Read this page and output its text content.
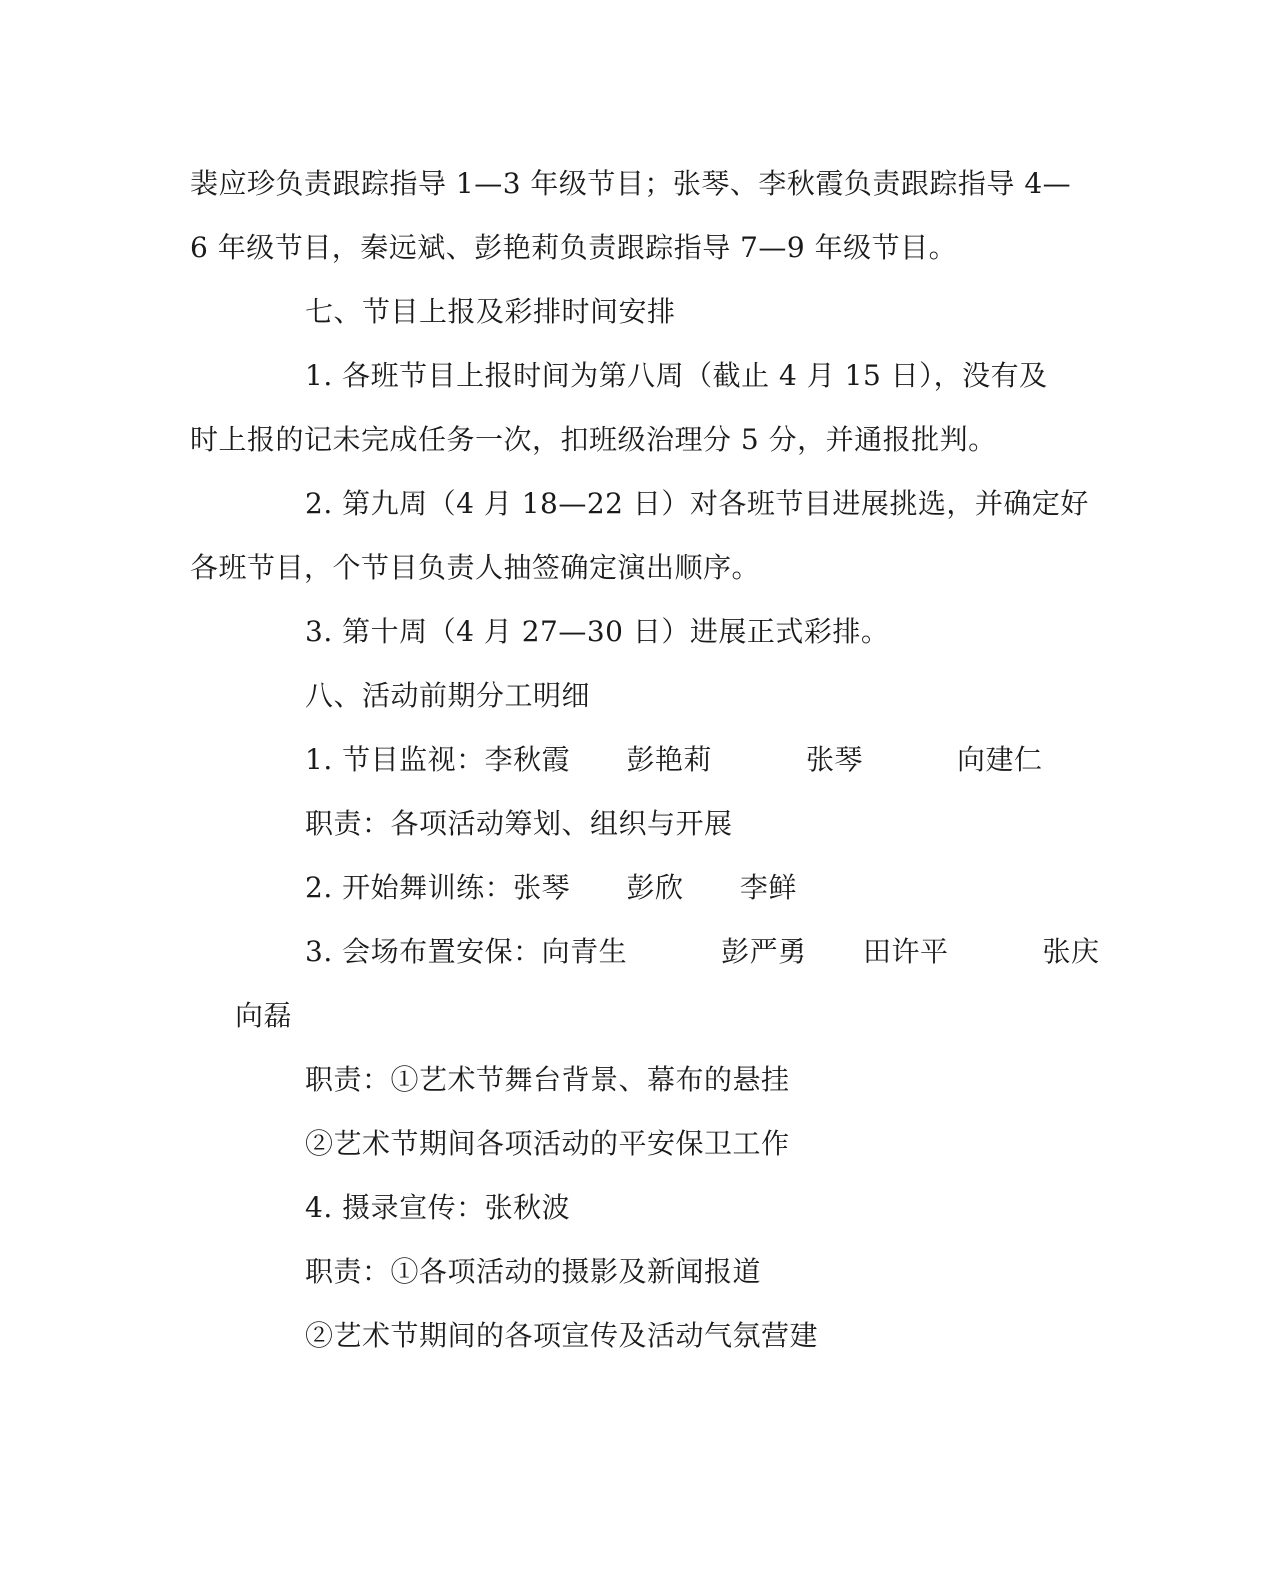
裴应珍负责跟踪指导 1—3 年级节目；张琴、李秋霞负责跟踪指导 4—
6 年级节目，秦远斌、彭艳莉负责跟踪指导 7—9 年级节目。
七、节目上报及彩排时间安排
1. 各班节目上报时间为第八周（截止 4 月 15 日），没有及
时上报的记未完成任务一次，扣班级治理分 5 分，并通报批判。
2. 第九周（4 月 18—22 日）对各班节目进展挑选，并确定好
各班节目，个节目负责人抽签确定演出顺序。
3. 第十周（4 月 27—30 日）进展正式彩排。
八、活动前期分工明细
1. 节目监视：李秋霞      彭艳莉          张琴          向建仁
职责：各项活动筹划、组织与开展
2. 开始舞训练：张琴      彭欣      李鲜
3. 会场布置安保：向青生          彭严勇      田许平          张庆
向磊
职责：①艺术节舞台背景、幕布的悬挂
②艺术节期间各项活动的平安保卫工作
4. 摄录宣传：张秋波
职责：①各项活动的摄影及新闻报道
②艺术节期间的各项宣传及活动气氛营建
